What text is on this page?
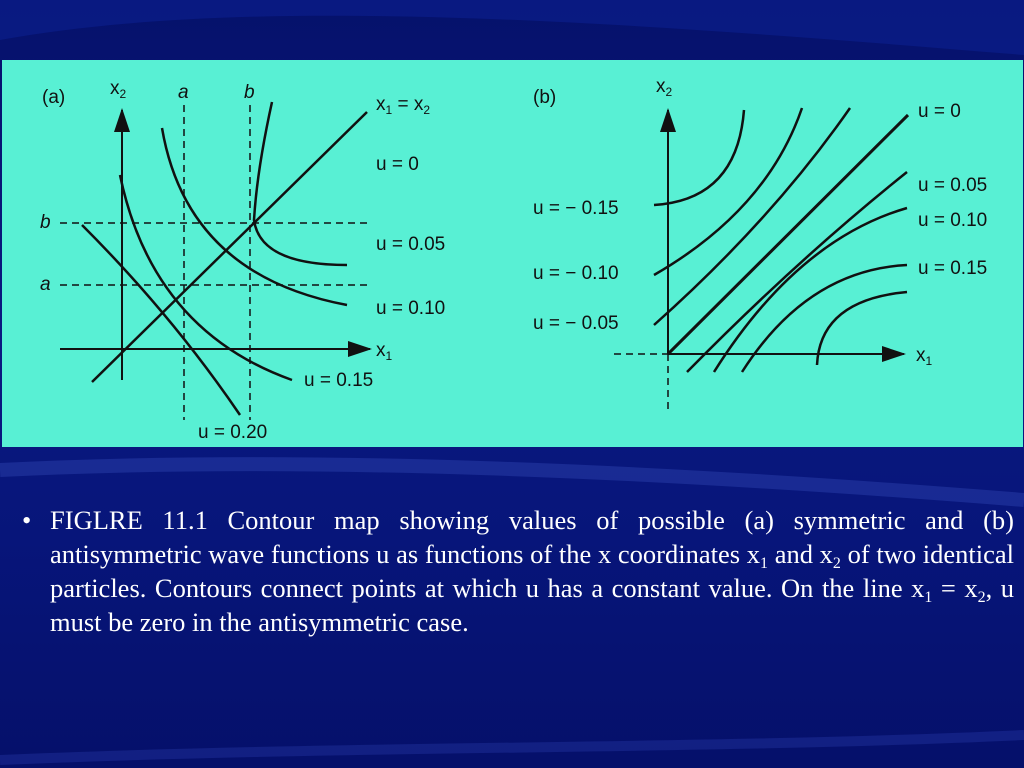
(a) $x_2$	a	b
b
a
$x_1 = x_2$
u = 0
u = 0.05
u = 0.10
$x_1$
u = 0.15
u = 0.20
(b)
$x_2$
u = 0
u = 0.05
u = 0.10
u = 0.15
u = − 0.15
u = − 0.10
u = − 0.05
$x_1$
• FIGLRE 11.1 Contour map showing values of possible (a) symmetric and (b) antisymmetric wave functions u as functions of the x coordinates $x_1$ and $x_2$ of two identical particles. Contours connect points at which u has a constant value. On the line $x_1 = x_2$, u must be zero in the antisymmetric case.
